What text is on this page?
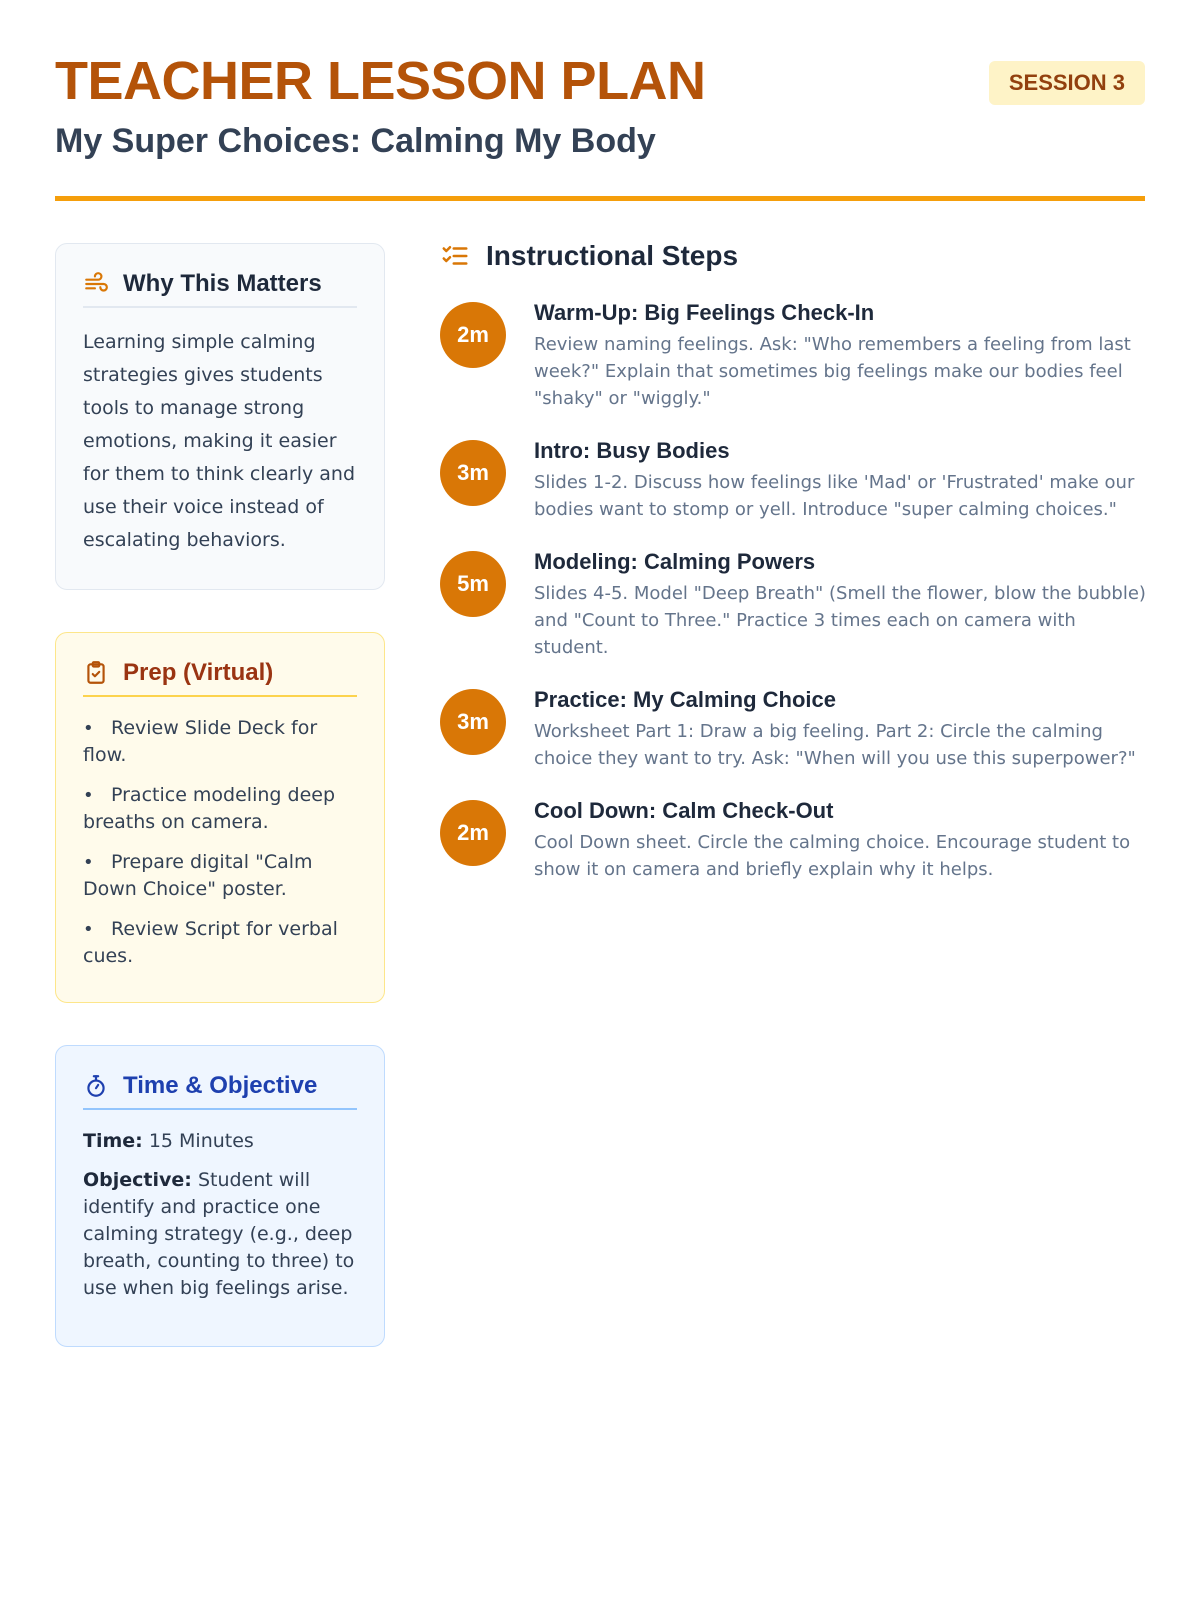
TEACHER LESSON PLAN
My Super Choices: Calming My Body
SESSION 3
Why This Matters

Learning simple calming strategies gives students tools to manage strong emotions, making it easier for them to think clearly and use their voice instead of escalating behaviors.

Prep (Virtual)
• Review Slide Deck for flow.
• Practice modeling deep breaths on camera.
• Prepare digital "Calm Down Choice" poster.
• Review Script for verbal cues.
Time & Objective

Time: 15 Minutes

Objective: Student will identify and practice one calming strategy (e.g., deep breath, counting to three) to use when big feelings arise.

Instructional Steps
2m

Warm-Up: Big Feelings Check-In

Review naming feelings. Ask: "Who remembers a feeling from last week?" Explain that sometimes big feelings make our bodies feel "shaky" or "wiggly."

3m

Intro: Busy Bodies

Slides 1-2. Discuss how feelings like 'Mad' or 'Frustrated' make our bodies want to stomp or yell. Introduce "super calming choices."

5m

Modeling: Calming Powers

Slides 4-5. Model "Deep Breath" (Smell the flower, blow the bubble) and "Count to Three." Practice 3 times each on camera with student.

3m

Practice: My Calming Choice

Worksheet Part 1: Draw a big feeling. Part 2: Circle the calming choice they want to try. Ask: "When will you use this superpower?"

2m

Cool Down: Calm Check-Out

Cool Down sheet. Circle the calming choice. Encourage student to show it on camera and briefly explain why it helps.
